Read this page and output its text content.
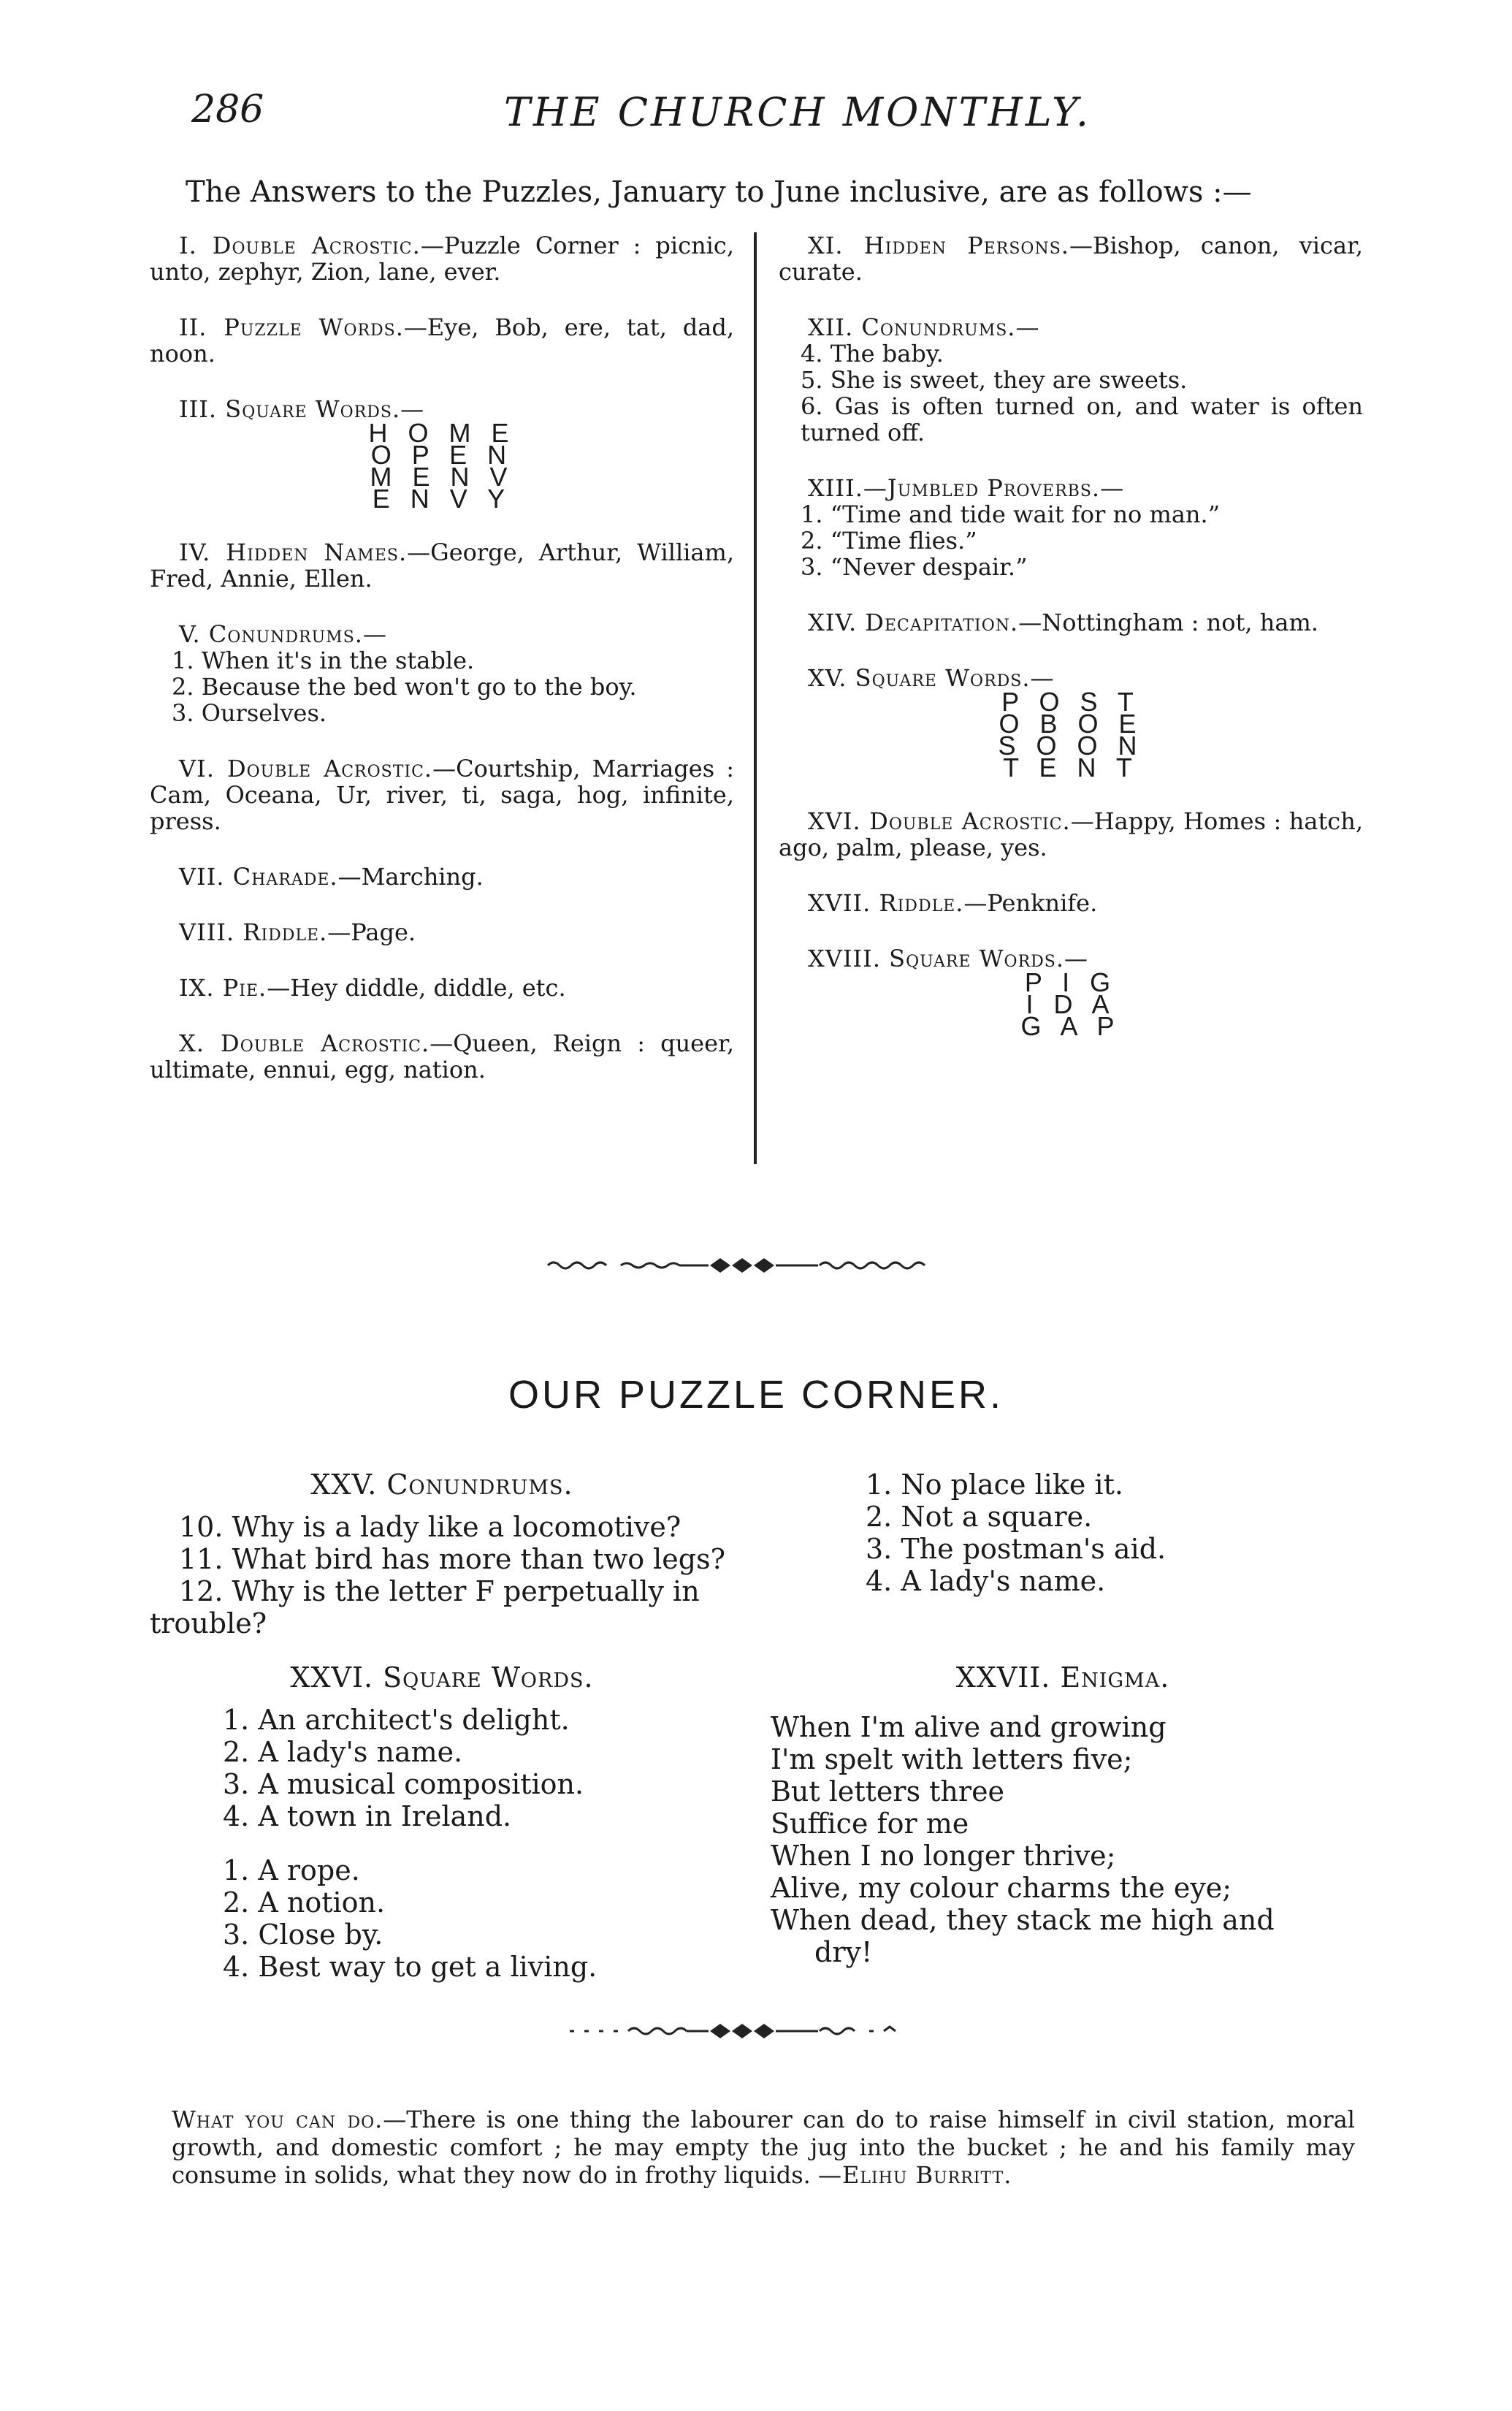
286	THE CHURCH MONTHLY.
The Answers to the Puzzles, January to June inclusive, are as follows :—
I. Double Acrostic.—Puzzle Corner : picnic, unto, zephyr, Zion, lane, ever.
II. Puzzle Words.—Eye, Bob, ere, tat, dad, noon.
III. Square Words.—
H O M E
O P E N
M E N V
E N V Y
IV. Hidden Names.—George, Arthur, William, Fred, Annie, Ellen.
V. Conundrums.—
1. When it's in the stable.
2. Because the bed won't go to the boy.
3. Ourselves.
VI. Double Acrostic.—Courtship, Marriages : Cam, Oceana, Ur, river, ti, saga, hog, infinite, press.
VII. Charade.—Marching.
VIII. Riddle.—Page.
IX. Pie.—Hey diddle, diddle, etc.
X. Double Acrostic.—Queen, Reign : queer, ultimate, ennui, egg, nation.
XI. Hidden Persons.—Bishop, canon, vicar, curate.
XII. Conundrums.—
4. The baby.
5. She is sweet, they are sweets.
6. Gas is often turned on, and water is often turned off.
XIII.—Jumbled Proverbs.—
1. “Time and tide wait for no man.”
2. “Time flies.”
3. “Never despair.”
XIV. Decapitation.—Nottingham : not, ham.
XV. Square Words.—
P O S T
O B O E
S O O N
T E N T
XVI. Double Acrostic.—Happy, Homes : hatch, ago, palm, please, yes.
XVII. Riddle.—Penknife.
XVIII. Square Words.—
P I G
I D A
G A P
OUR PUZZLE CORNER.
XXV. Conundrums.
10. Why is a lady like a locomotive?
11. What bird has more than two legs?
12. Why is the letter F perpetually in
trouble?
XXVI. Square Words.
1. An architect's delight.
2. A lady's name.
3. A musical composition.
4. A town in Ireland.
1. A rope.
2. A notion.
3. Close by.
4. Best way to get a living.
1. No place like it.
2. Not a square.
3. The postman's aid.
4. A lady's name.
XXVII. Enigma.
When I'm alive and growing
I'm spelt with letters five;
But letters three
Suffice for me
When I no longer thrive;
Alive, my colour charms the eye;
When dead, they stack me high and
dry!
What you can do.—There is one thing the labourer can do to raise himself in civil station, moral growth, and domestic comfort ; he may empty the jug into the bucket ; he and his family may consume in solids, what they now do in frothy liquids. —Elihu Burritt.
